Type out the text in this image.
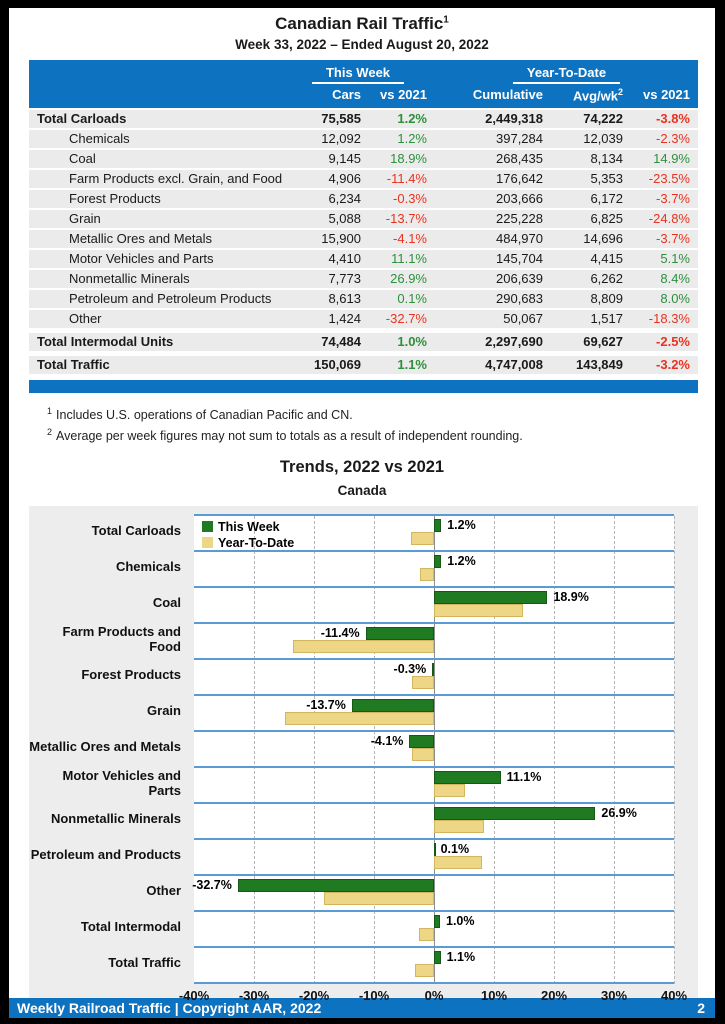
Canadian Rail Traffic$^1$
Week 33, 2022 – Ended August 20, 2022
This Week	Year-To-Date
Cars	vs 2021	Cumulative	Avg/$wk^2$	vs 2021
Total Carloads	75,585	1.2%	2,449,318	74,222	-3.8%
Chemicals	12,092	1.2%	397,284	12,039	-2.3%
Coal	9,145	18.9%	268,435	8,134	14.9%
Farm Products excl. Grain, and Food	4,906	-11.4%	176,642	5,353	-23.5%
Forest Products	6,234	-0.3%	203,666	6,172	-3.7%
Grain	5,088	-13.7%	225,228	6,825	-24.8%
Metallic Ores and Metals	15,900	-4.1%	484,970	14,696	-3.7%
Motor Vehicles and Parts	4,410	11.1%	145,704	4,415	5.1%
Nonmetallic Minerals	7,773	26.9%	206,639	6,262	8.4%
Petroleum and Petroleum Products	8,613	0.1%	290,683	8,809	8.0%
Other	1,424	-32.7%	50,067	1,517	-18.3%
Total Intermodal Units	74,484	1.0%	2,297,690	69,627	-2.5%
Total Traffic	150,069	1.1%	4,747,008	143,849	-3.2%
$^1$ Includes U.S. operations of Canadian Pacific and CN.
$^2$ Average per week figures may not sum to totals as a result of independent rounding.
Trends, 2022 vs 2021
Canada
Total Carloads
Chemicals
Coal
Farm Products and Food
Forest Products
Grain
Metallic Ores and Metals
Motor Vehicles and Parts
Nonmetallic Minerals
Petroleum and Products
Other
Total Intermodal
Total Traffic
This Week
Year-To-Date
1.2%
1.2%
18.9%
-11.4%
-0.3%
-13.7%
-4.1%
11.1%
26.9%
0.1%
-32.7%
1.0%
1.1%
-40% -30% -20% -10%	0%	10%	20%	30%	40%
Weekly Railroad Traffic | Copyright AAR, 2022	2
